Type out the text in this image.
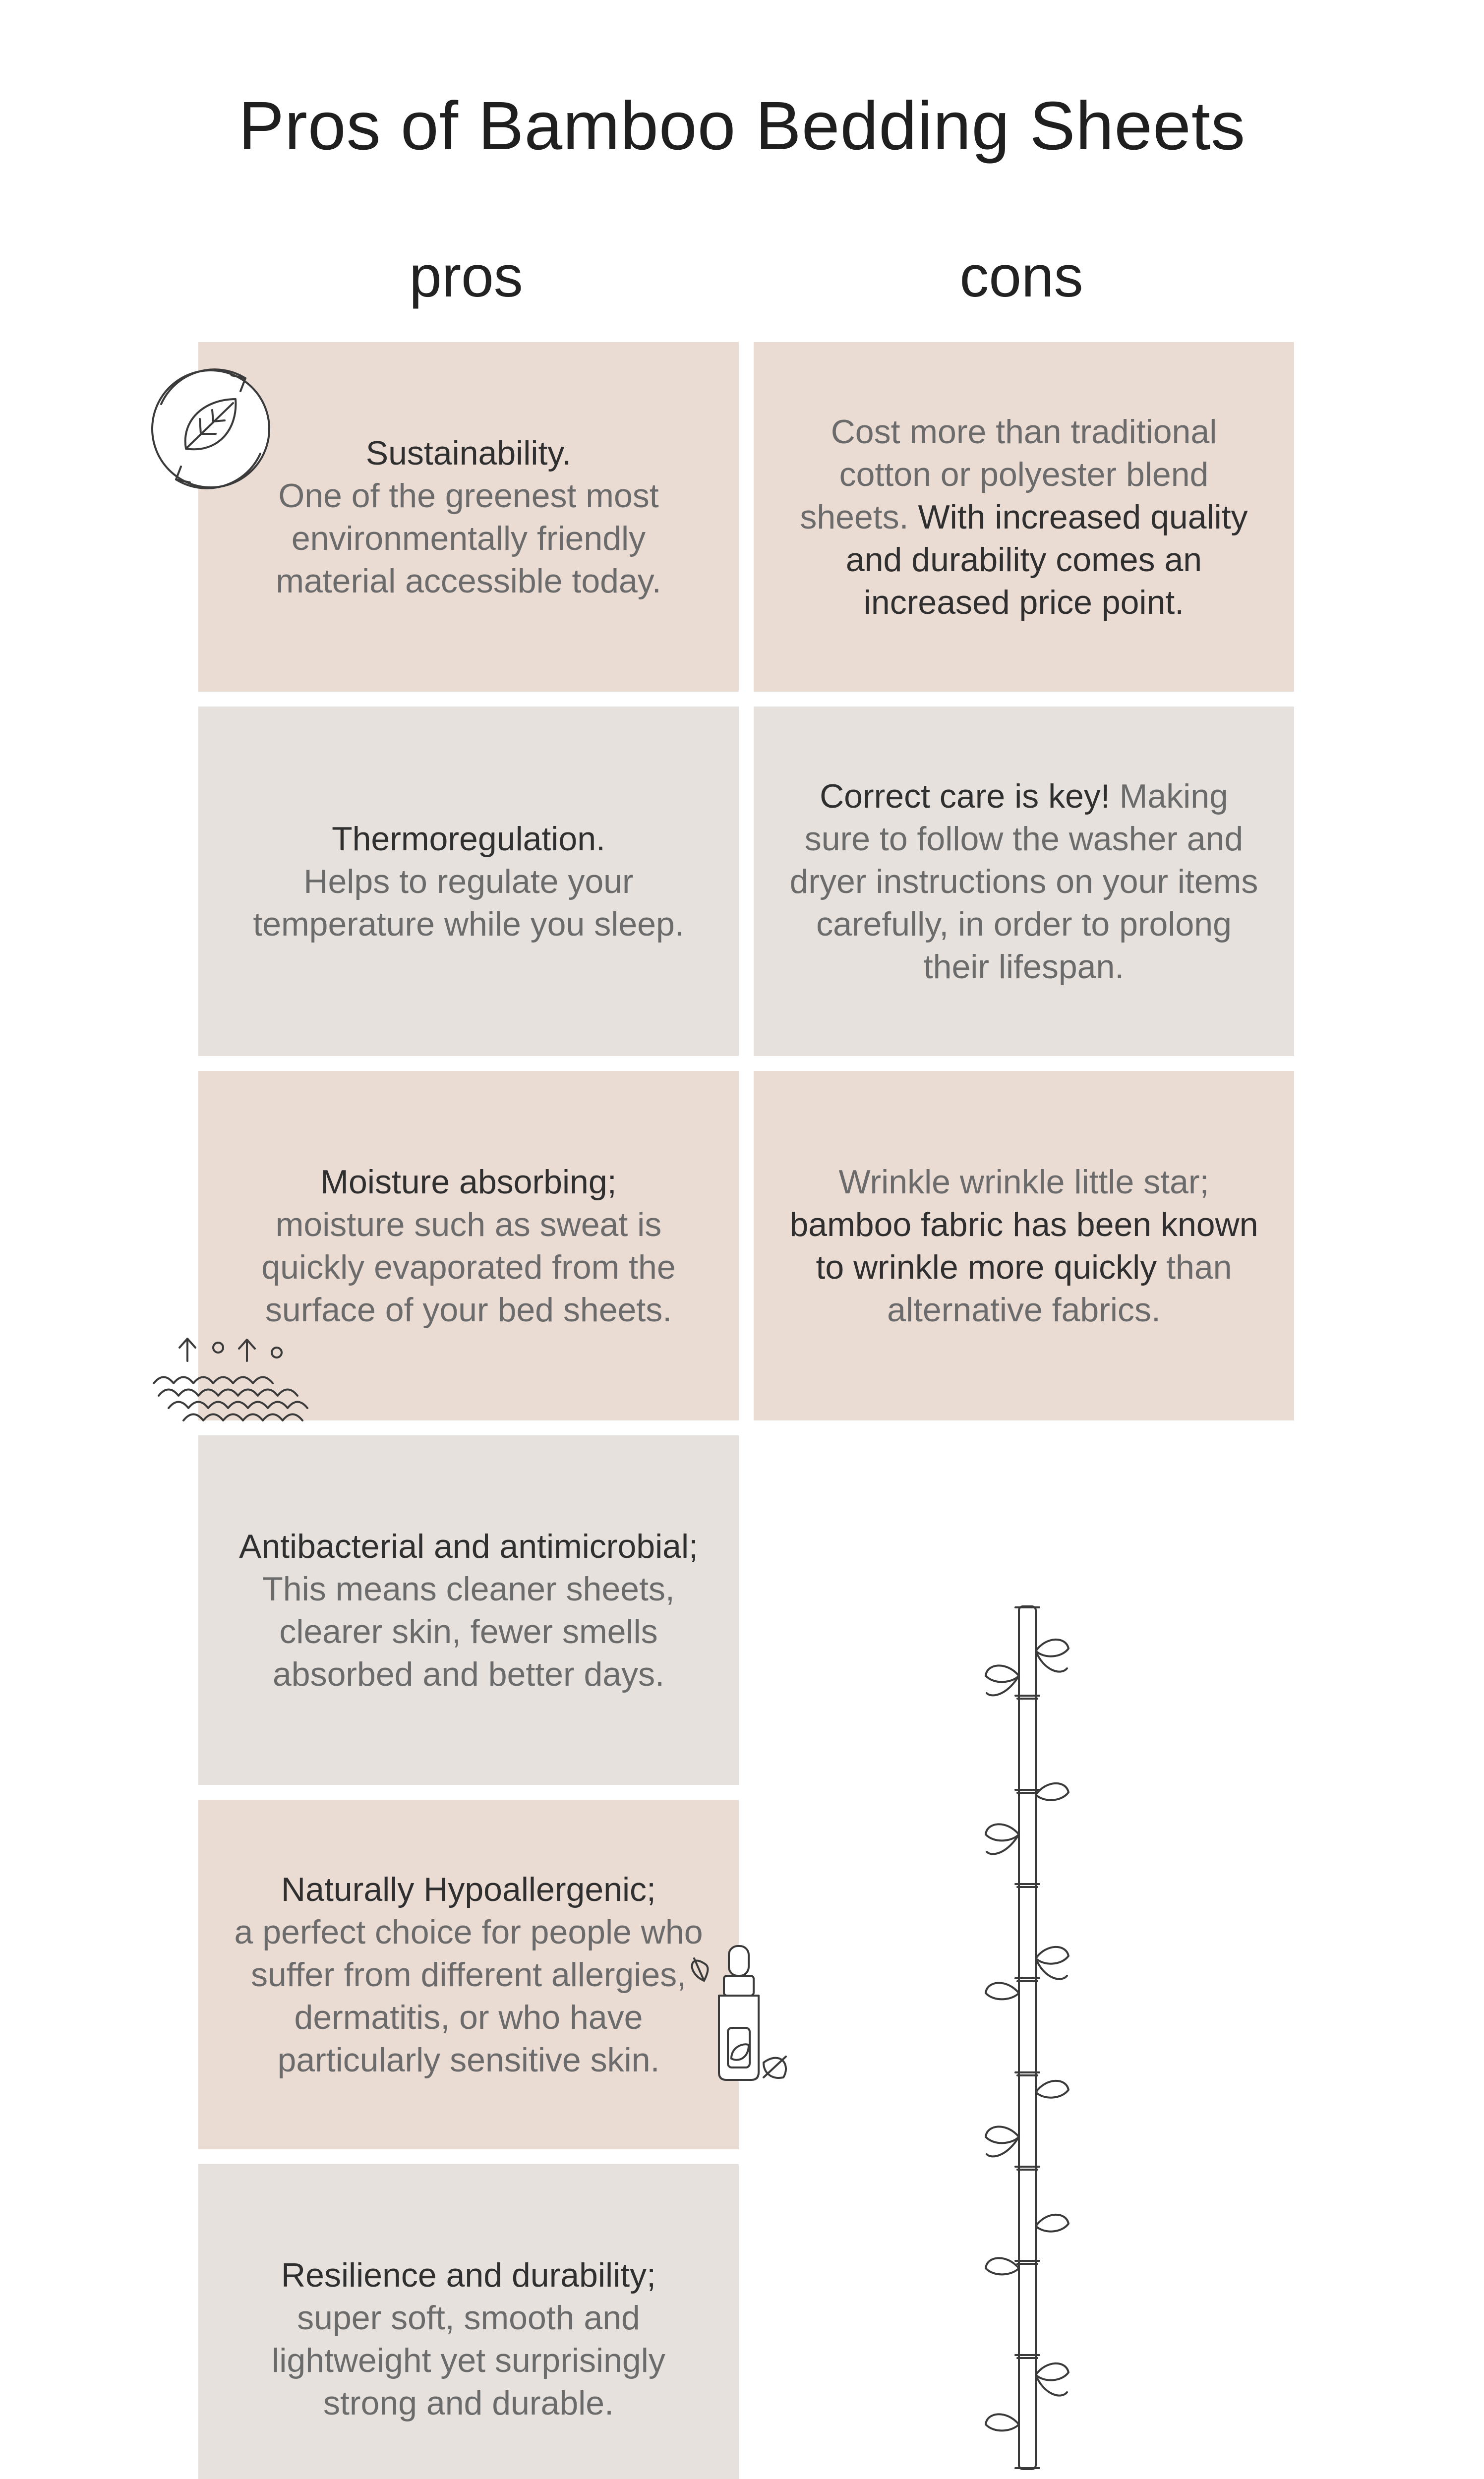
Pros of Bamboo Bedding Sheets
pros	cons
Sustainability.
One of the greenest most environmentally friendly material accessible today.
Thermoregulation.
Helps to regulate your temperature while you sleep.
Moisture absorbing;
moisture such as sweat is quickly evaporated from the surface of your bed sheets.
Antibacterial and antimicrobial; This means cleaner sheets, clearer skin, fewer smells absorbed and better days.
Naturally Hypoallergenic;
a perfect choice for people who suffer from different allergies, dermatitis, or who have particularly sensitive skin.
Resilience and durability;
super soft, smooth and lightweight yet surprisingly strong and durable.

Cost more than traditional cotton or polyester blend sheets. With increased quality and durability comes an increased price point.
Correct care is key! Making sure to follow the washer and dryer instructions on your items carefully, in order to prolong their lifespan.
Wrinkle wrinkle little star; bamboo fabric has been known to wrinkle more quickly than alternative fabrics.
